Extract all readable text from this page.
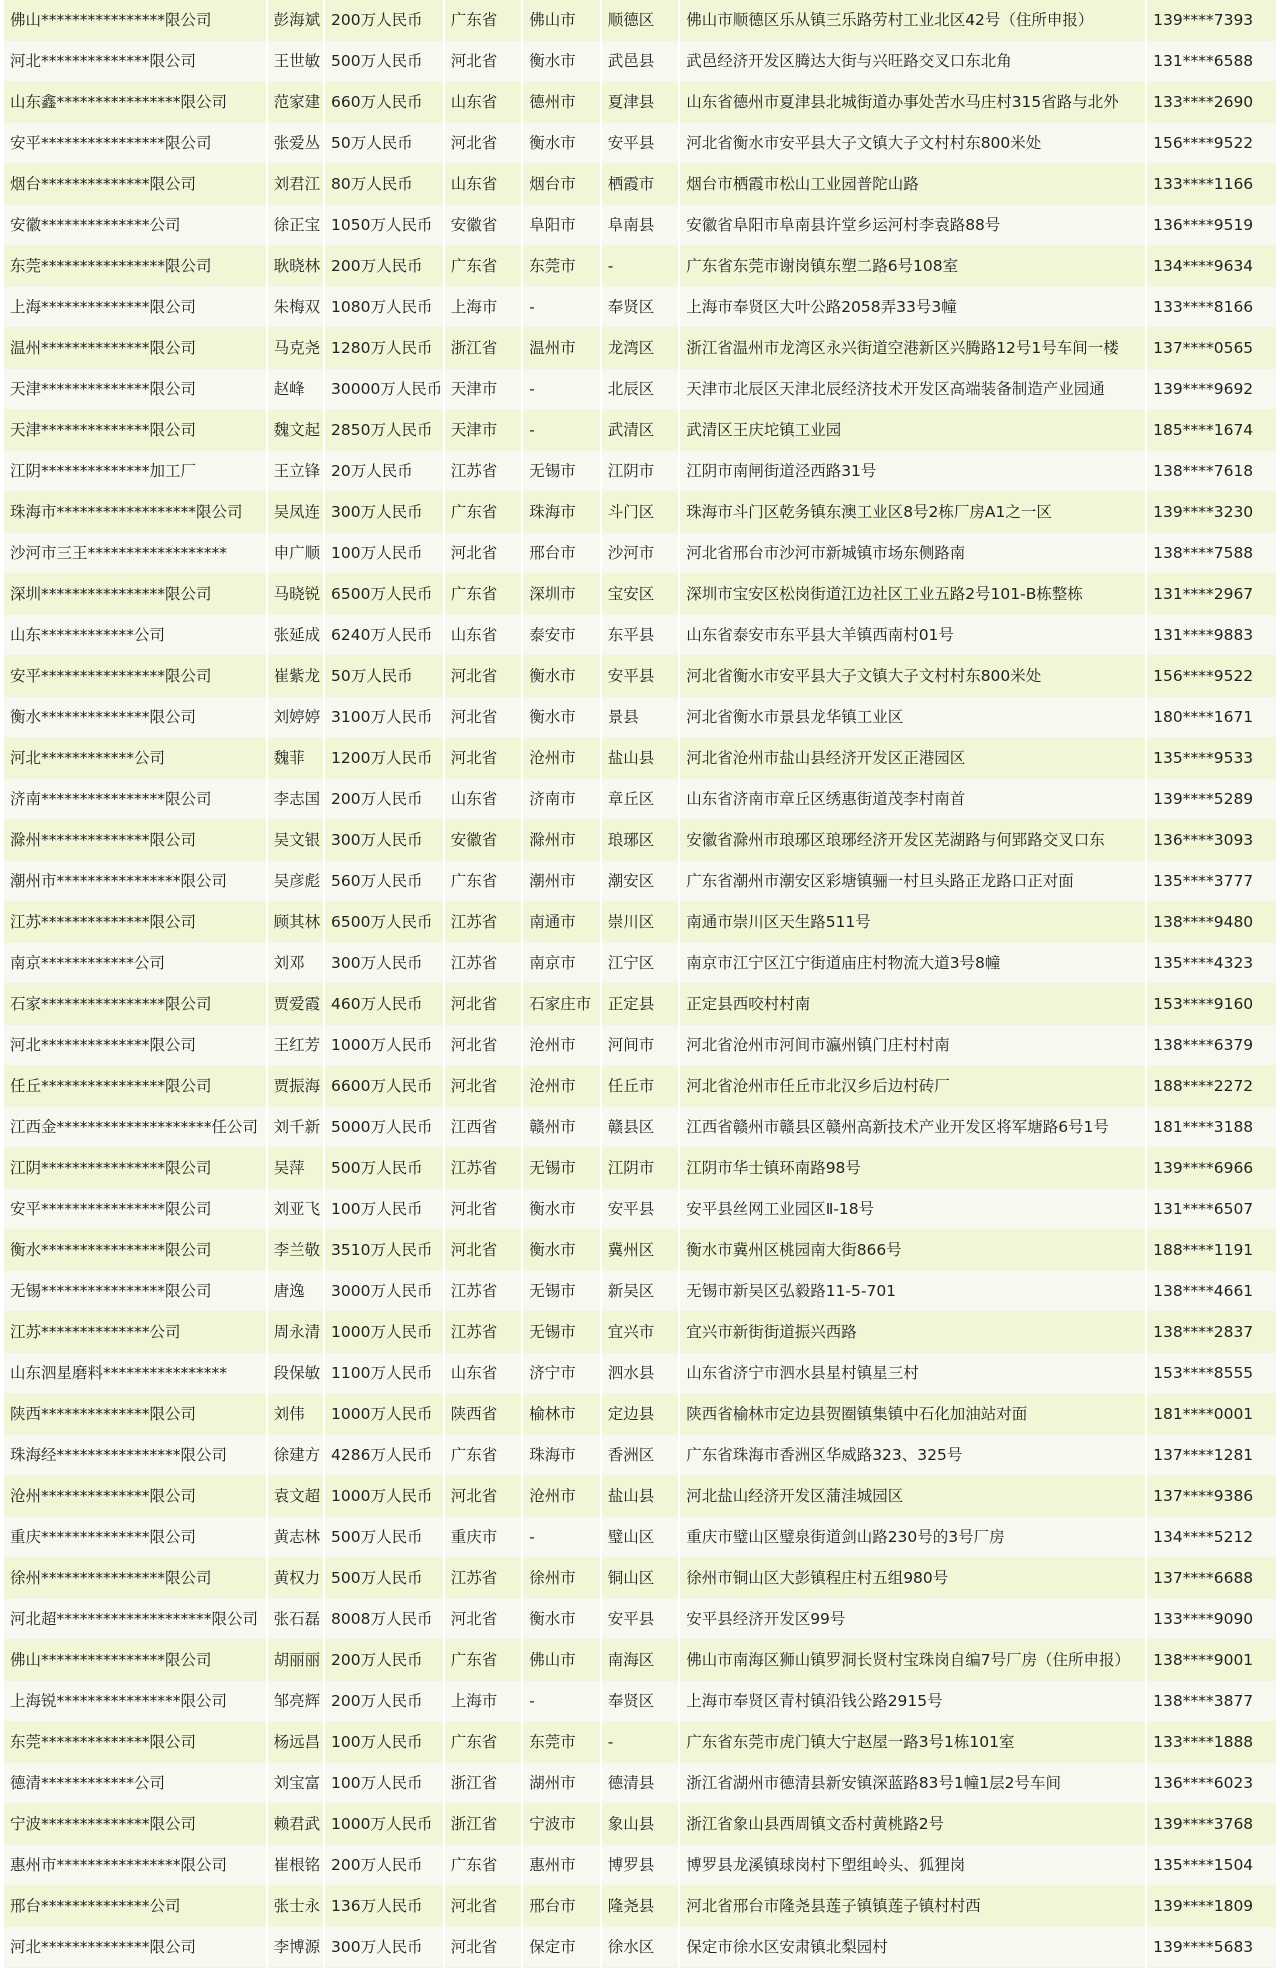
佛山****************限公司	彭海斌	200万人民币	广东省	佛山市	顺德区	佛山市顺德区乐从镇三乐路劳村工业北区42号（住所申报）	139****7393
河北**************限公司	王世敏	500万人民币	河北省	衡水市	武邑县	武邑经济开发区腾达大街与兴旺路交叉口东北角	131****6588
山东鑫****************限公司	范家建	660万人民币	山东省	德州市	夏津县	山东省德州市夏津县北城街道办事处苦水马庄村315省路与北外	133****2690
安平****************限公司	张爱丛	50万人民币	河北省	衡水市	安平县	河北省衡水市安平县大子文镇大子文村村东800米处	156****9522
烟台**************限公司	刘君江	80万人民币	山东省	烟台市	栖霞市	烟台市栖霞市松山工业园普陀山路	133****1166
安徽**************公司	徐正宝	1050万人民币	安徽省	阜阳市	阜南县	安徽省阜阳市阜南县许堂乡运河村李袁路88号	136****9519
东莞****************限公司	耿晓林	200万人民币	广东省	东莞市	-	广东省东莞市谢岗镇东塑二路6号108室	134****9634
上海**************限公司	朱梅双	1080万人民币	上海市	-	奉贤区	上海市奉贤区大叶公路2058弄33号3幢	133****8166
温州**************限公司	马克尧	1280万人民币	浙江省	温州市	龙湾区	浙江省温州市龙湾区永兴街道空港新区兴腾路12号1号车间一楼	137****0565
天津**************限公司	赵峰	30000万人民币	天津市	-	北辰区	天津市北辰区天津北辰经济技术开发区高端装备制造产业园通	139****9692
天津**************限公司	魏文起	2850万人民币	天津市	-	武清区	武清区王庆坨镇工业园	185****1674
江阴**************加工厂	王立锋	20万人民币	江苏省	无锡市	江阴市	江阴市南闸街道泾西路31号	138****7618
珠海市******************限公司	吴凤连	300万人民币	广东省	珠海市	斗门区	珠海市斗门区乾务镇东澳工业区8号2栋厂房A1之一区	139****3230
沙河市三王******************	申广顺	100万人民币	河北省	邢台市	沙河市	河北省邢台市沙河市新城镇市场东侧路南	138****7588
深圳****************限公司	马晓锐	6500万人民币	广东省	深圳市	宝安区	深圳市宝安区松岗街道江边社区工业五路2号101-B栋整栋	131****2967
山东************公司	张延成	6240万人民币	山东省	泰安市	东平县	山东省泰安市东平县大羊镇西南村01号	131****9883
安平****************限公司	崔紫龙	50万人民币	河北省	衡水市	安平县	河北省衡水市安平县大子文镇大子文村村东800米处	156****9522
衡水**************限公司	刘婷婷	3100万人民币	河北省	衡水市	景县	河北省衡水市景县龙华镇工业区	180****1671
河北************公司	魏菲	1200万人民币	河北省	沧州市	盐山县	河北省沧州市盐山县经济开发区正港园区	135****9533
济南****************限公司	李志国	200万人民币	山东省	济南市	章丘区	山东省济南市章丘区绣惠街道茂李村南首	139****5289
滁州**************限公司	吴文银	300万人民币	安徽省	滁州市	琅琊区	安徽省滁州市琅琊区琅琊经济开发区芜湖路与何郢路交叉口东	136****3093
潮州市****************限公司	吴彦彪	560万人民币	广东省	潮州市	潮安区	广东省潮州市潮安区彩塘镇骊一村旦头路正龙路口正对面	135****3777
江苏**************限公司	顾其林	6500万人民币	江苏省	南通市	崇川区	南通市崇川区天生路511号	138****9480
南京************公司	刘邓	300万人民币	江苏省	南京市	江宁区	南京市江宁区江宁街道庙庄村物流大道3号8幢	135****4323
石家****************限公司	贾爱霞	460万人民币	河北省	石家庄市	正定县	正定县西咬村村南	153****9160
河北**************限公司	王红芳	1000万人民币	河北省	沧州市	河间市	河北省沧州市河间市瀛州镇门庄村村南	138****6379
任丘****************限公司	贾振海	6600万人民币	河北省	沧州市	任丘市	河北省沧州市任丘市北汉乡后边村砖厂	188****2272
江西金********************任公司	刘千新	5000万人民币	江西省	赣州市	赣县区	江西省赣州市赣县区赣州高新技术产业开发区将军塘路6号1号	181****3188
江阴****************限公司	吴萍	500万人民币	江苏省	无锡市	江阴市	江阴市华士镇环南路98号	139****6966
安平****************限公司	刘亚飞	100万人民币	河北省	衡水市	安平县	安平县丝网工业园区Ⅱ-18号	131****6507
衡水****************限公司	李兰敬	3510万人民币	河北省	衡水市	冀州区	衡水市冀州区桃园南大街866号	188****1191
无锡****************限公司	唐逸	3000万人民币	江苏省	无锡市	新吴区	无锡市新吴区弘毅路11-5-701	138****4661
江苏**************公司	周永清	1000万人民币	江苏省	无锡市	宜兴市	宜兴市新街街道振兴西路	138****2837
山东泗星磨料****************	段保敏	1100万人民币	山东省	济宁市	泗水县	山东省济宁市泗水县星村镇星三村	153****8555
陕西**************限公司	刘伟	1000万人民币	陕西省	榆林市	定边县	陕西省榆林市定边县贺圈镇集镇中石化加油站对面	181****0001
珠海经****************限公司	徐建方	4286万人民币	广东省	珠海市	香洲区	广东省珠海市香洲区华威路323、325号	137****1281
沧州**************限公司	袁文超	1000万人民币	河北省	沧州市	盐山县	河北盐山经济开发区蒲洼城园区	137****9386
重庆**************限公司	黄志林	500万人民币	重庆市	-	璧山区	重庆市璧山区璧泉街道剑山路230号的3号厂房	134****5212
徐州****************限公司	黄权力	500万人民币	江苏省	徐州市	铜山区	徐州市铜山区大彭镇程庄村五组980号	137****6688
河北超********************限公司	张石磊	8008万人民币	河北省	衡水市	安平县	安平县经济开发区99号	133****9090
佛山****************限公司	胡丽丽	200万人民币	广东省	佛山市	南海区	佛山市南海区狮山镇罗洞长贤村宝珠岗自编7号厂房（住所申报）	138****9001
上海锐****************限公司	邹亮辉	200万人民币	上海市	-	奉贤区	上海市奉贤区青村镇沿钱公路2915号	138****3877
东莞**************限公司	杨远昌	100万人民币	广东省	东莞市	-	广东省东莞市虎门镇大宁赵屋一路3号1栋101室	133****1888
德清************公司	刘宝富	100万人民币	浙江省	湖州市	德清县	浙江省湖州市德清县新安镇深蓝路83号1幢1层2号车间	136****6023
宁波**************限公司	赖君武	1000万人民币	浙江省	宁波市	象山县	浙江省象山县西周镇文岙村黄桃路2号	139****3768
惠州市****************限公司	崔根铭	200万人民币	广东省	惠州市	博罗县	博罗县龙溪镇球岗村下塱组岭头、狐狸岗	135****1504
邢台**************公司	张士永	136万人民币	河北省	邢台市	隆尧县	河北省邢台市隆尧县莲子镇镇莲子镇村村西	139****1809
河北**************限公司	李博源	300万人民币	河北省	保定市	徐水区	保定市徐水区安肃镇北梨园村	139****5683
